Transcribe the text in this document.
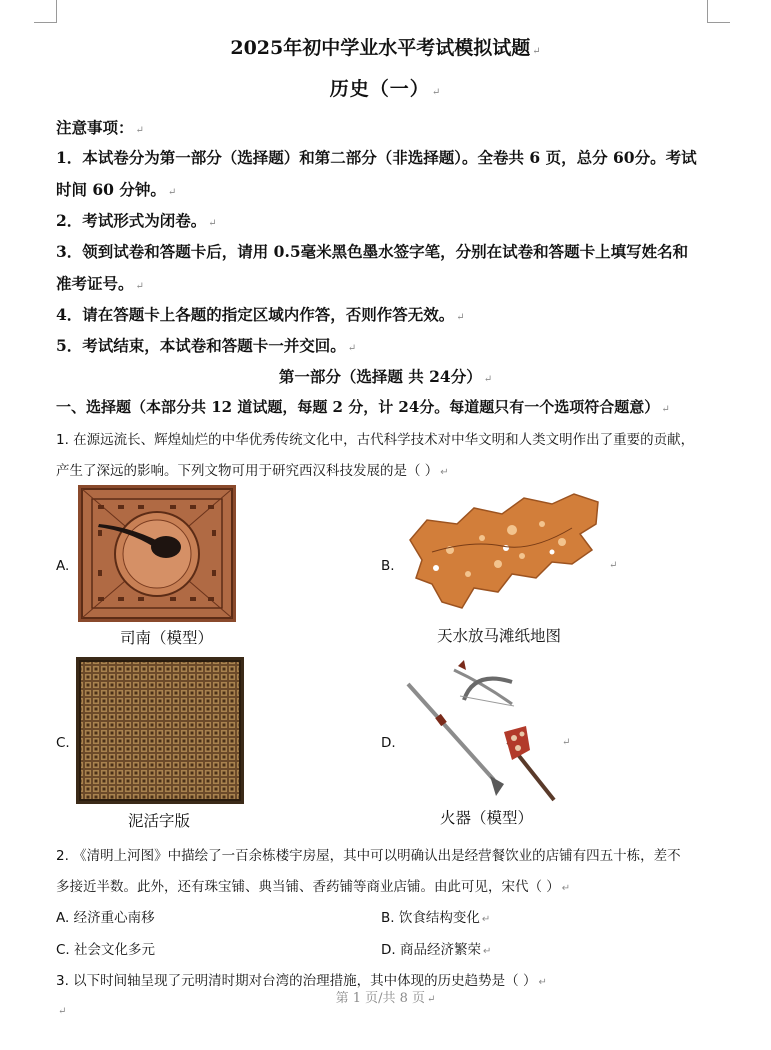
2025年初中学业水平考试模拟试题 ↵
历史（一） ↵
注意事项： ↵
1．本试卷分为第一部分（选择题）和第二部分（非选择题）。全卷共 6 页，总分 60分。考试
时间 60 分钟。 ↵
2．考试形式为闭卷。 ↵
3．领到试卷和答题卡后，请用 0.5毫米黑色墨水签字笔，分别在试卷和答题卡上填写姓名和
准考证号。 ↵
4．请在答题卡上各题的指定区域内作答，否则作答无效。 ↵
5．考试结束，本试卷和答题卡一并交回。 ↵
第一部分（选择题 共 24分） ↵
一、选择题（本部分共 12 道试题，每题 2 分，计 24分。每道题只有一个选项符合题意） ↵
1. 在源远流长、辉煌灿烂的中华优秀传统文化中，古代科学技术对中华文明和人类文明作出了重要的贡献，
产生了深远的影响。下列文物可用于研究西汉科技发展的是（ ） ↵
A.
司南（模型）
B.
天水放马滩纸地图
↵
C.
泥活字版
D.
火器（模型）
↵
2. 《清明上河图》中描绘了一百余栋楼宇房屋，其中可以明确认出是经营餐饮业的店铺有四五十栋，差不
多接近半数。此外，还有珠宝铺、典当铺、香药铺等商业店铺。由此可见，宋代（ ） ↵
A. 经济重心南移	B. 饮食结构变化 ↵
C. 社会文化多元	D. 商品经济繁荣 ↵
3. 以下时间轴呈现了元明清时期对台湾的治理措施，其中体现的历史趋势是（ ） ↵
第 1 页/共 8 页 ↵
↵
